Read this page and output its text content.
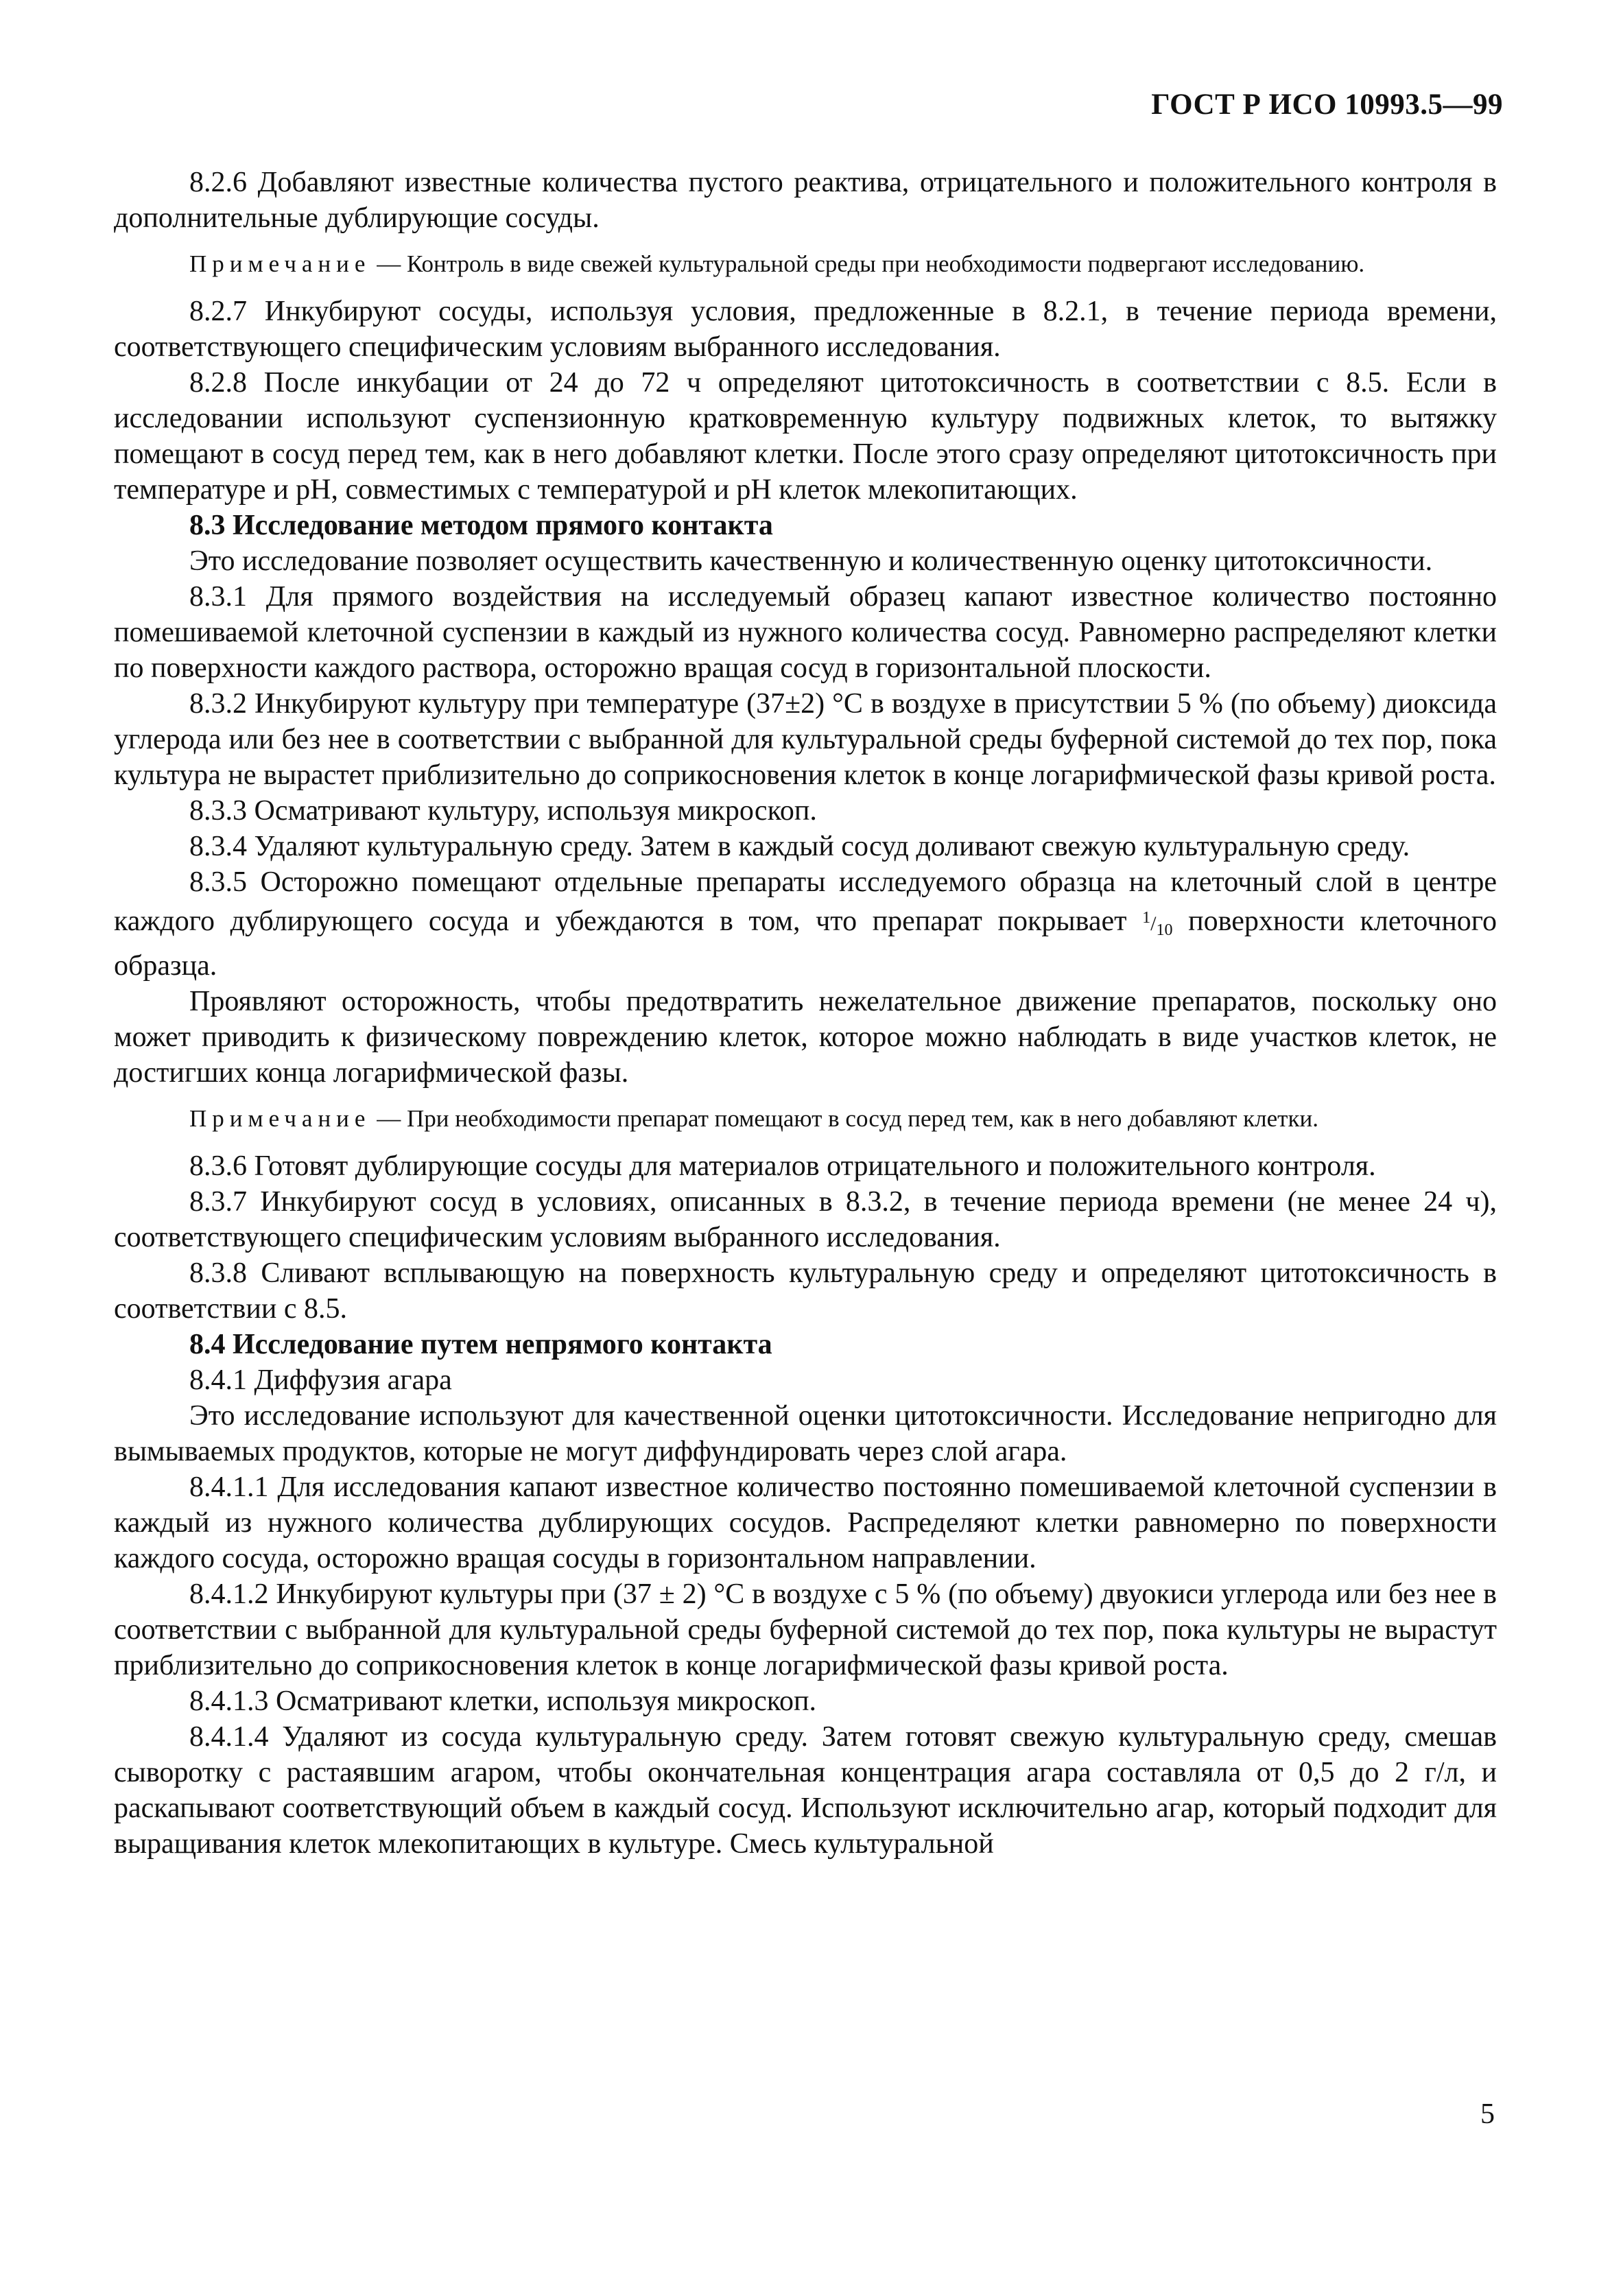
ГОСТ Р ИСО 10993.5—99

8.2.6 Добавляют известные количества пустого реактива, отрицательного и положительного контроля в дополнительные дублирующие сосуды.

Примечание — Контроль в виде свежей культуральной среды при необходимости подвергают исследованию.

8.2.7 Инкубируют сосуды, используя условия, предложенные в 8.2.1, в течение периода времени, соответствующего специфическим условиям выбранного исследования.

8.2.8 После инкубации от 24 до 72 ч определяют цитотоксичность в соответствии с 8.5. Если в исследовании используют суспензионную кратковременную культуру подвижных клеток, то вытяжку помещают в сосуд перед тем, как в него добавляют клетки. После этого сразу определяют цитотоксичность при температуре и pH, совместимых с температурой и pH клеток млекопитающих.

8.3 Исследование методом прямого контакта

Это исследование позволяет осуществить качественную и количественную оценку цитотоксичности.

8.3.1 Для прямого воздействия на исследуемый образец капают известное количество постоянно помешиваемой клеточной суспензии в каждый из нужного количества сосуд. Равномерно распределяют клетки по поверхности каждого раствора, осторожно вращая сосуд в горизонтальной плоскости.

8.3.2 Инкубируют культуру при температуре (37±2) °С в воздухе в присутствии 5 % (по объему) диоксида углерода или без нее в соответствии с выбранной для культуральной среды буферной системой до тех пор, пока культура не вырастет приблизительно до соприкосновения клеток в конце логарифмической фазы кривой роста.

8.3.3 Осматривают культуру, используя микроскоп.

8.3.4 Удаляют культуральную среду. Затем в каждый сосуд доливают свежую культуральную среду.

8.3.5 Осторожно помещают отдельные препараты исследуемого образца на клеточный слой в центре каждого дублирующего сосуда и убеждаются в том, что препарат покрывает $^1/_{10}$ поверхности клеточного образца.

Проявляют осторожность, чтобы предотвратить нежелательное движение препаратов, поскольку оно может приводить к физическому повреждению клеток, которое можно наблюдать в виде участков клеток, не достигших конца логарифмической фазы.

Примечание — При необходимости препарат помещают в сосуд перед тем, как в него добавляют клетки.

8.3.6 Готовят дублирующие сосуды для материалов отрицательного и положительного контроля.

8.3.7 Инкубируют сосуд в условиях, описанных в 8.3.2, в течение периода времени (не менее 24 ч), соответствующего специфическим условиям выбранного исследования.

8.3.8 Сливают всплывающую на поверхность культуральную среду и определяют цитотоксичность в соответствии с 8.5.

8.4 Исследование путем непрямого контакта

8.4.1 Диффузия агара

Это исследование используют для качественной оценки цитотоксичности. Исследование непригодно для вымываемых продуктов, которые не могут диффундировать через слой агара.

8.4.1.1 Для исследования капают известное количество постоянно помешиваемой клеточной суспензии в каждый из нужного количества дублирующих сосудов. Распределяют клетки равномерно по поверхности каждого сосуда, осторожно вращая сосуды в горизонтальном направлении.

8.4.1.2 Инкубируют культуры при (37 ± 2) °С в воздухе с 5 % (по объему) двуокиси углерода или без нее в соответствии с выбранной для культуральной среды буферной системой до тех пор, пока культуры не вырастут приблизительно до соприкосновения клеток в конце логарифмической фазы кривой роста.

8.4.1.3 Осматривают клетки, используя микроскоп.

8.4.1.4 Удаляют из сосуда культуральную среду. Затем готовят свежую культуральную среду, смешав сыворотку с растаявшим агаром, чтобы окончательная концентрация агара составляла от 0,5 до 2 г/л, и раскапывают соответствующий объем в каждый сосуд. Используют исключительно агар, который подходит для выращивания клеток млекопитающих в культуре. Смесь культуральной

5
